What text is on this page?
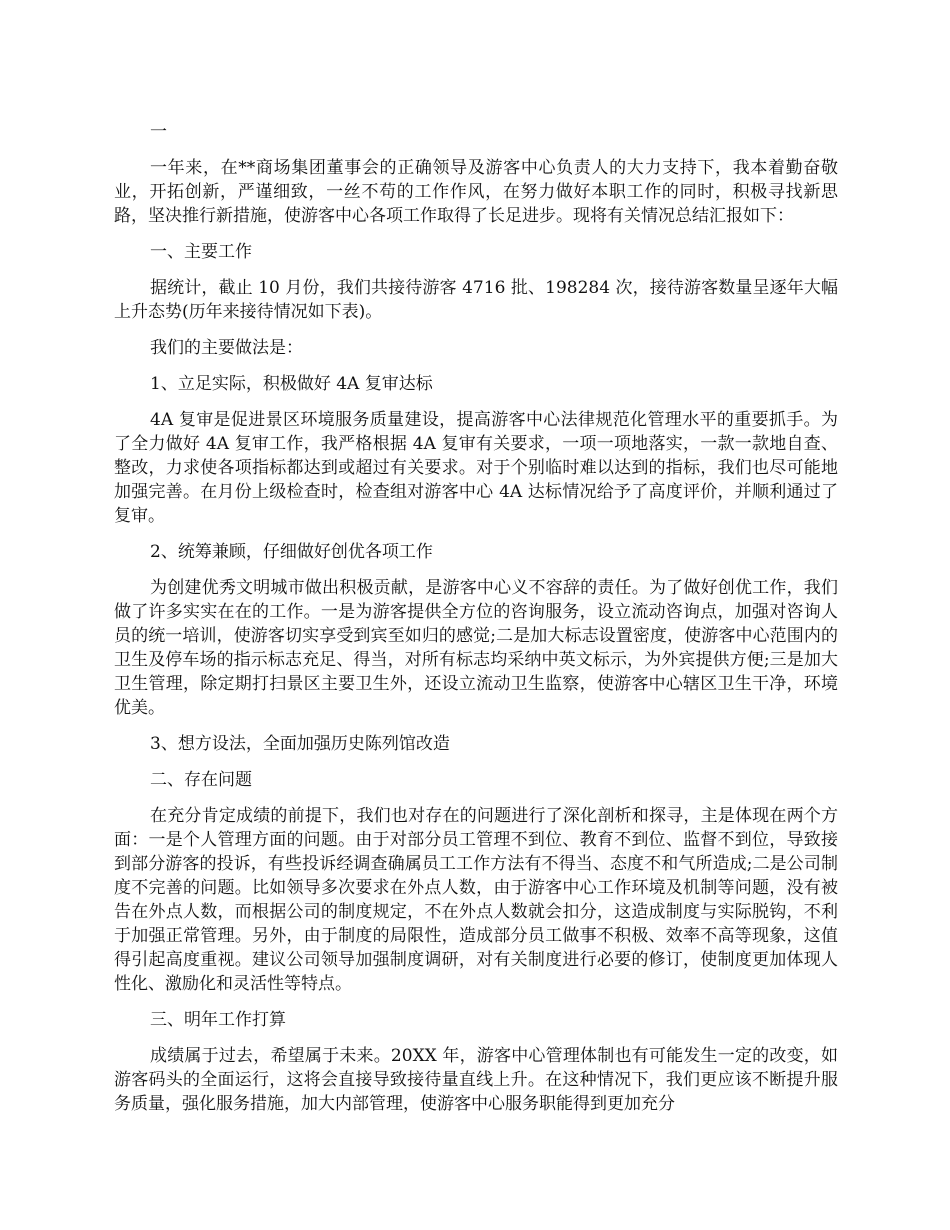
一

一年来，在**商场集团董事会的正确领导及游客中心负责人的大力支持下，我本着勤奋敬业，开拓创新，严谨细致，一丝不苟的工作作风，在努力做好本职工作的同时，积极寻找新思路，坚决推行新措施，使游客中心各项工作取得了长足进步。现将有关情况总结汇报如下：

一、主要工作

据统计，截止 10 月份，我们共接待游客 4716 批、198284 次，接待游客数量呈逐年大幅上升态势(历年来接待情况如下表)。

我们的主要做法是：

1、立足实际，积极做好 4A 复审达标

4A 复审是促进景区环境服务质量建设，提高游客中心法律规范化管理水平的重要抓手。为了全力做好 4A 复审工作，我严格根据 4A 复审有关要求，一项一项地落实，一款一款地自查、整改，力求使各项指标都达到或超过有关要求。对于个别临时难以达到的指标，我们也尽可能地加强完善。在月份上级检查时，检查组对游客中心 4A 达标情况给予了高度评价，并顺利通过了复审。

2、统筹兼顾，仔细做好创优各项工作

为创建优秀文明城市做出积极贡献，是游客中心义不容辞的责任。为了做好创优工作，我们做了许多实实在在的工作。一是为游客提供全方位的咨询服务，设立流动咨询点，加强对咨询人员的统一培训，使游客切实享受到宾至如归的感觉;二是加大标志设置密度，使游客中心范围内的卫生及停车场的指示标志充足、得当，对所有标志均采纳中英文标示，为外宾提供方便;三是加大卫生管理，除定期打扫景区主要卫生外，还设立流动卫生监察，使游客中心辖区卫生干净，环境优美。

3、想方设法，全面加强历史陈列馆改造

二、存在问题

在充分肯定成绩的前提下，我们也对存在的问题进行了深化剖析和探寻，主是体现在两个方面：一是个人管理方面的问题。由于对部分员工管理不到位、教育不到位、监督不到位，导致接到部分游客的投诉，有些投诉经调查确属员工工作方法有不得当、态度不和气所造成;二是公司制度不完善的问题。比如领导多次要求在外点人数，由于游客中心工作环境及机制等问题，没有被告在外点人数，而根据公司的制度规定，不在外点人数就会扣分，这造成制度与实际脱钩，不利于加强正常管理。另外，由于制度的局限性，造成部分员工做事不积极、效率不高等现象，这值得引起高度重视。建议公司领导加强制度调研，对有关制度进行必要的修订，使制度更加体现人性化、激励化和灵活性等特点。

三、明年工作打算

成绩属于过去，希望属于未来。20XX 年，游客中心管理体制也有可能发生一定的改变，如游客码头的全面运行，这将会直接导致接待量直线上升。在这种情况下，我们更应该不断提升服务质量，强化服务措施，加大内部管理，使游客中心服务职能得到更加充分
